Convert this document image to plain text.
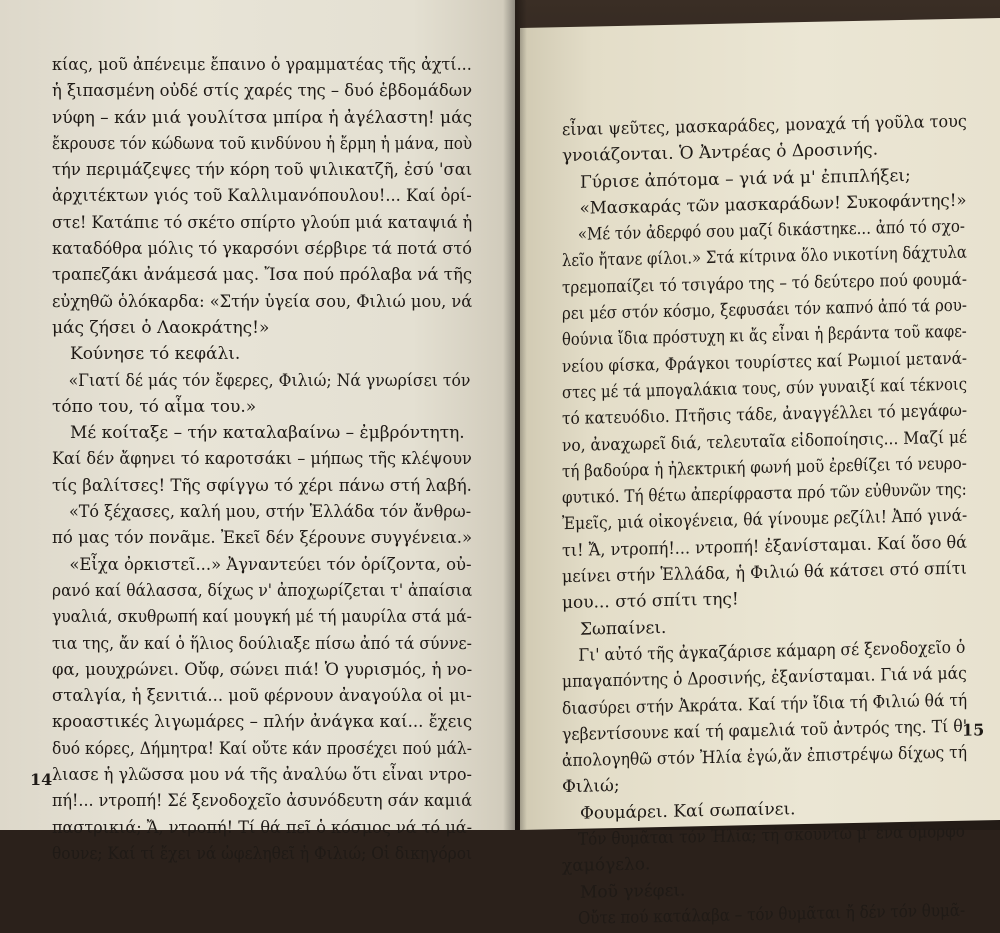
κίας, μοῦ ἀπένειμε ἔπαινο ὁ γραμματέας τῆς ἀχτί...
ἡ ξιπασμένη οὐδέ στίς χαρές της – δυό ἑβδομάδων
νύφη – κάν μιά γουλίτσα μπίρα ἡ ἀγέλαστη! μάς
ἔκρουσε τόν κώδωνα τοῦ κινδύνου ἡ ἔρμη ἡ μάνα, ποὺ
τήν περιμάζεψες τήν κόρη τοῦ ψιλικατζῆ, ἐσύ 'σαι
ἀρχιτέκτων γιός τοῦ Καλλιμανόπουλου!... Καί ὀρί-
στε! Κατάπιε τό σκέτο σπίρτο γλούπ μιά καταψιά ἡ
καταδόθρα μόλις τό γκαρσόνι σέρβιρε τά ποτά στό
τραπεζάκι ἀνάμεσά μας. Ἴσα πού πρόλαβα νά τῆς
εὐχηθῶ ὁλόκαρδα: «Στήν ὑγεία σου, Φιλιώ μου, νά
μάς ζήσει ὁ Λαοκράτης!»
Κούνησε τό κεφάλι.
«Γιατί δέ μάς τόν ἔφερες, Φιλιώ; Νά γνωρίσει τόν
τόπο του, τό αἷμα του.»
Μέ κοίταξε – τήν καταλαβαίνω – ἐμβρόντητη.
Καί δέν ἄφηνει τό καροτσάκι – μήπως τῆς κλέψουν
τίς βαλίτσες! Τῆς σφίγγω τό χέρι πάνω στή λαβή.
«Τό ξέχασες, καλή μου, στήν Ἑλλάδα τόν ἄνθρω-
πό μας τόν πονᾶμε. Ἐκεῖ δέν ξέρουνε συγγένεια.»
«Εἶχα ὀρκιστεῖ...» Ἀγναντεύει τόν ὁρίζοντα, οὐ-
ρανό καί θάλασσα, δίχως ν' ἀποχωρίζεται τ' ἀπαίσια
γυαλιά, σκυθρωπή καί μουγκή μέ τή μαυρίλα στά μά-
τια της, ἄν καί ὁ ἥλιος δούλιαξε πίσω ἀπό τά σύννε-
φα, μουχρώνει. Οὔφ, σώνει πιά! Ὁ γυρισμός, ἡ νο-
σταλγία, ἡ ξενιτιά... μοῦ φέρνουν ἀναγούλα οἱ μι-
κροαστικές λιγωμάρες – πλήν ἀνάγκα καί... ἔχεις
δυό κόρες, Δήμητρα! Καί οὔτε κάν προσέχει πού μάλ-
λιασε ἡ γλῶσσα μου νά τῆς ἀναλύω ὅτι εἶναι ντρο-
πή!... ντροπή! Σέ ξενοδοχεῖο ἀσυνόδευτη σάν καμιά
παστρικιά; Ἄ, ντροπή! Τί θά πεῖ ὁ κόσμος νά τό μά-
θουνε; Καί τί ἔχει νά ὠφεληθεῖ ἡ Φιλιώ; Οἱ δικηγόροι
14
εἶναι ψεῦτες, μασκαράδες, μοναχά τή γοῦλα τους
γνοιάζονται. Ὁ Ἀντρέας ὁ Δροσινής.
Γύρισε ἀπότομα – γιά νά μ' ἐπιπλήξει;
«Μασκαράς τῶν μασκαράδων! Συκοφάντης!»
«Μέ τόν ἀδερφό σου μαζί δικάστηκε... ἀπό τό σχο-
λεῖο ἤτανε φίλοι.» Στά κίτρινα ὅλο νικοτίνη δάχτυλα
τρεμοπαίζει τό τσιγάρο της – τό δεύτερο πού φουμά-
ρει μέσ στόν κόσμο, ξεφυσάει τόν καπνό ἀπό τά ρου-
θούνια ἴδια πρόστυχη κι ἄς εἶναι ἡ βεράντα τοῦ καφε-
νείου φίσκα, Φράγκοι τουρίστες καί Ρωμιοί μετανά-
στες μέ τά μπογαλάκια τους, σύν γυναιξί καί τέκνοις
τό κατευόδιο. Πτῆσις τάδε, ἀναγγέλλει τό μεγάφω-
νο, ἀναχωρεῖ διά, τελευταῖα εἰδοποίησις... Μαζί μέ
τή βαδούρα ἡ ἠλεκτρική φωνή μοῦ ἐρεθίζει τό νευρο-
φυτικό. Τή θέτω ἀπερίφραστα πρό τῶν εὐθυνῶν της:
Ἐμεῖς, μιά οἰκογένεια, θά γίνουμε ρεζίλι! Ἀπό γινά-
τι! Ἄ, ντροπή!... ντροπή! ἐξανίσταμαι. Καί ὅσο θά
μείνει στήν Ἑλλάδα, ἡ Φιλιώ θά κάτσει στό σπίτι
μου... στό σπίτι της!
Σωπαίνει.
Γι' αὐτό τῆς ἀγκαζάρισε κάμαρη σέ ξενοδοχεῖο ὁ
μπαγαπόντης ὁ Δροσινής, ἐξανίσταμαι. Γιά νά μάς
διασύρει στήν Ἀκράτα. Καί τήν ἴδια τή Φιλιώ θά τή
γεβεντίσουνε καί τή φαμελιά τοῦ ἀντρός της. Τί θ'
ἀπολογηθῶ στόν Ἠλία ἐγώ,ἄν ἐπιστρέψω δίχως τή
Φιλιώ;
Φουμάρει. Καί σωπαίνει.
Τόν θυμᾶται τόν Ἠλία; τή σκουντῶ μ' ἕνα ὄμορφο
χαμόγελο.
Μοῦ γνέφει.
Οὔτε πού κατάλαβα – τόν θυμᾶται ἤ δέν τόν θυμᾶ-
15
